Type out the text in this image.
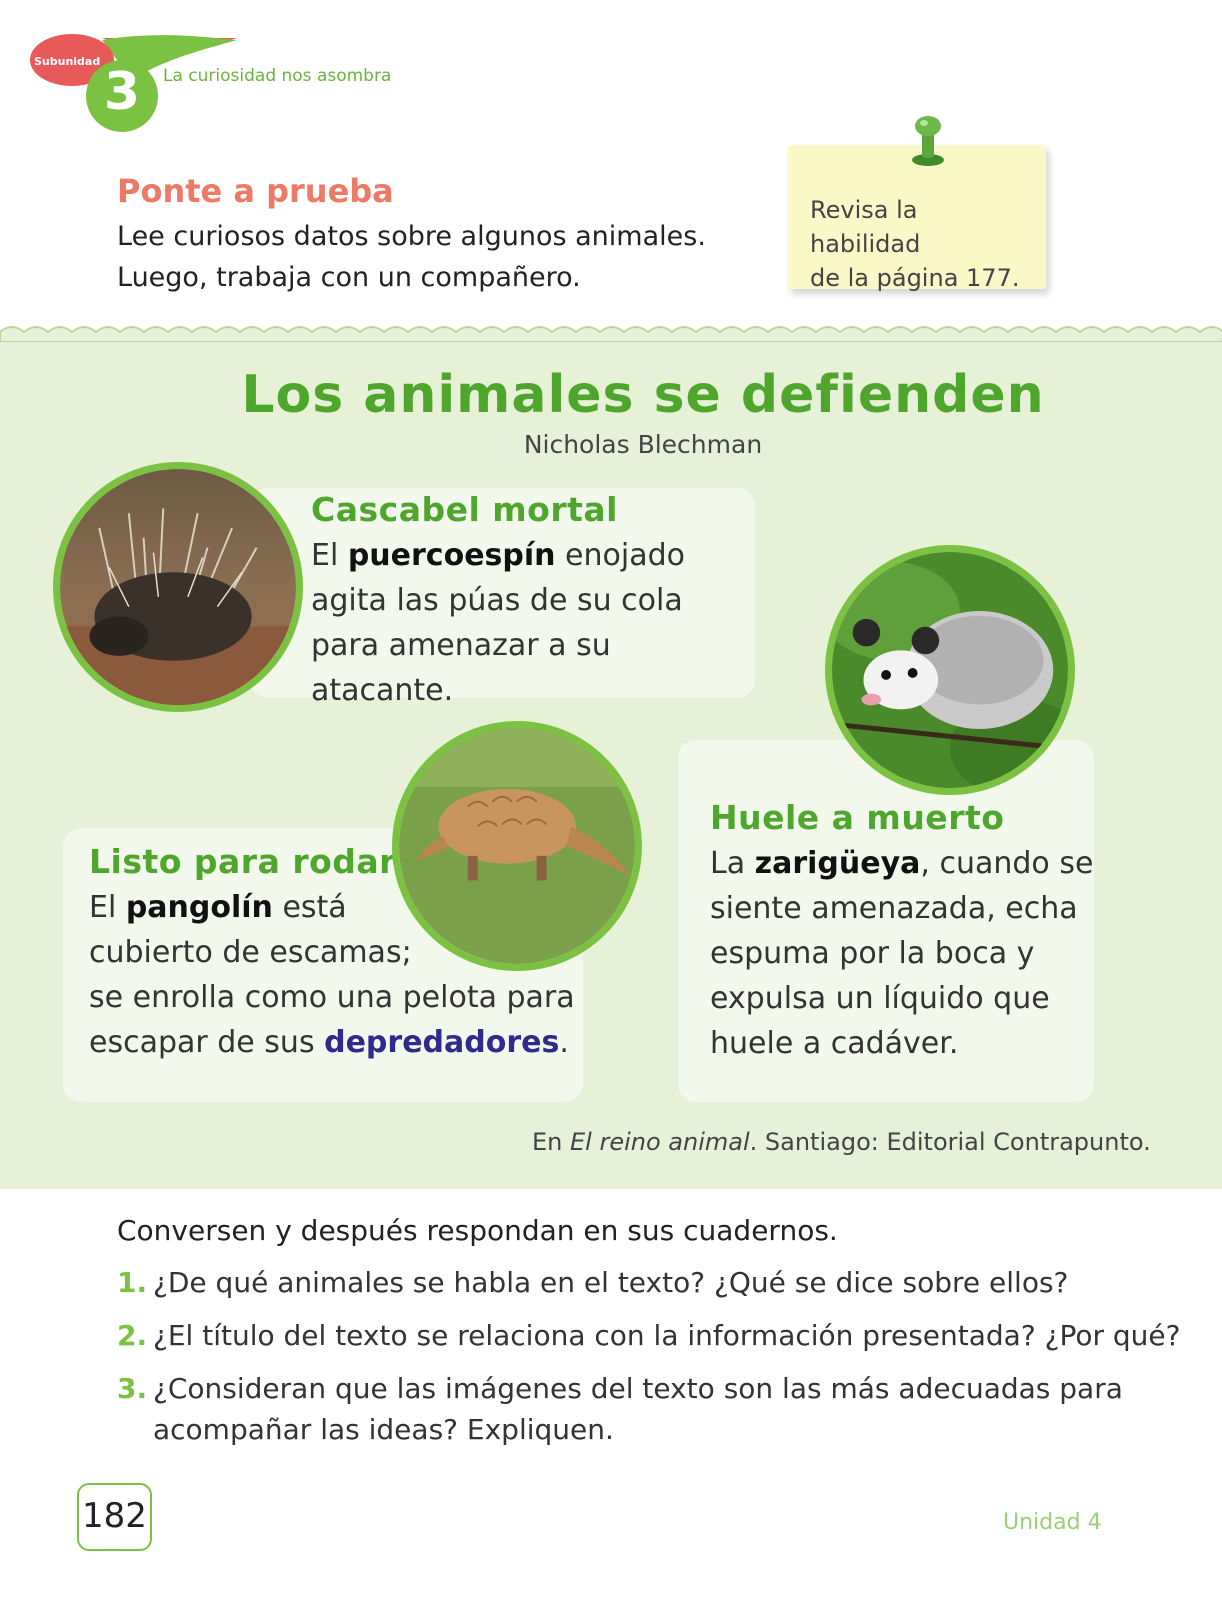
Subunidad
3	La curiosidad nos asombra
Ponte a prueba
Lee curiosos datos sobre algunos animales.
Luego, trabaja con un compañero.
Revisa la habilidad
de la página 177.
Los animales se defienden
Nicholas Blechman
Cascabel mortal
El puercoespín enojado
agita las púas de su cola
para amenazar a su atacante.
Listo para rodar
El pangolín está
cubierto de escamas;
se enrolla como una pelota para
escapar de sus depredadores.
Huele a muerto
La zarigüeya, cuando se
siente amenazada, echa
espuma por la boca y
expulsa un líquido que
huele a cadáver.
En El reino animal. Santiago: Editorial Contrapunto.
Conversen y después respondan en sus cuadernos.
1. ¿De qué animales se habla en el texto? ¿Qué se dice sobre ellos?
2. ¿El título del texto se relaciona con la información presentada? ¿Por qué?
3. ¿Consideran que las imágenes del texto son las más adecuadas para
acompañar las ideas? Expliquen.
182	Unidad 4
